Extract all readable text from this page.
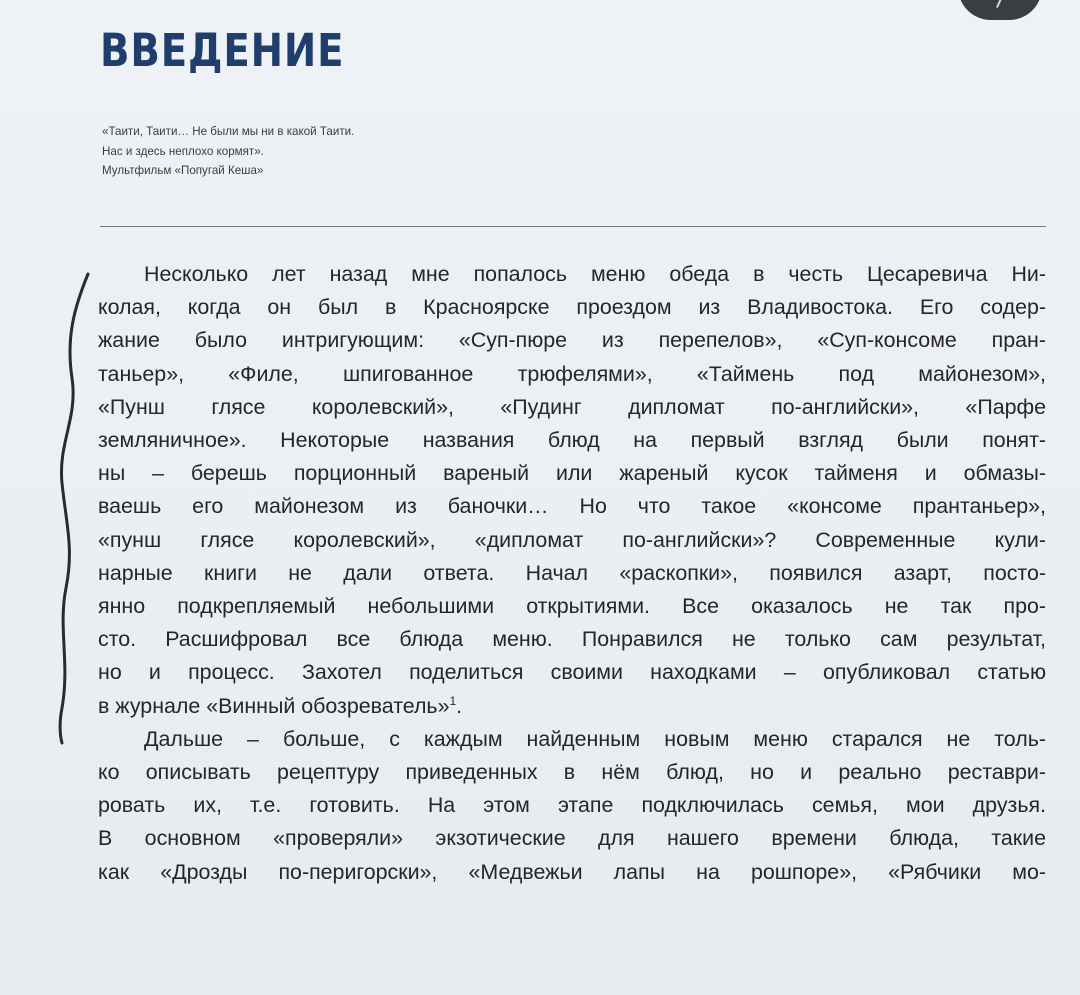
ВВЕДЕНИЕ
«Таити, Таити… Не были мы ни в какой Таити.
Нас и здесь неплохо кормят».
Мультфильм «Попугай Кеша»
Несколько лет назад мне попалось меню обеда в честь Цесаревича Ни-
колая, когда он был в Красноярске проездом из Владивостока. Его содер-
жание было интригующим: «Суп-пюре из перепелов», «Суп-консоме пран-
таньер», «Филе, шпигованное трюфелями», «Таймень под майонезом»,
«Пунш глясе королевский», «Пудинг дипломат по-английски», «Парфе
земляничное». Некоторые названия блюд на первый взгляд были понят-
ны – берешь порционный вареный или жареный кусок тайменя и обмазы-
ваешь его майонезом из баночки… Но что такое «консоме прантаньер»,
«пунш глясе королевский», «дипломат по-английски»? Современные кули-
нарные книги не дали ответа. Начал «раскопки», появился азарт, посто-
янно подкрепляемый небольшими открытиями. Все оказалось не так про-
сто. Расшифровал все блюда меню. Понравился не только сам результат,
но и процесс. Захотел поделиться своими находками – опубликовал статью
в журнале «Винный обозреватель»$^1$.
Дальше – больше, с каждым найденным новым меню старался не толь-
ко описывать рецептуру приведенных в нём блюд, но и реально реставри-
ровать их, т.е. готовить. На этом этапе подключилась семья, мои друзья.
В основном «проверяли» экзотические для нашего времени блюда, такие
как «Дрозды по-перигорски», «Медвежьи лапы на рошпоре», «Рябчики мо-
